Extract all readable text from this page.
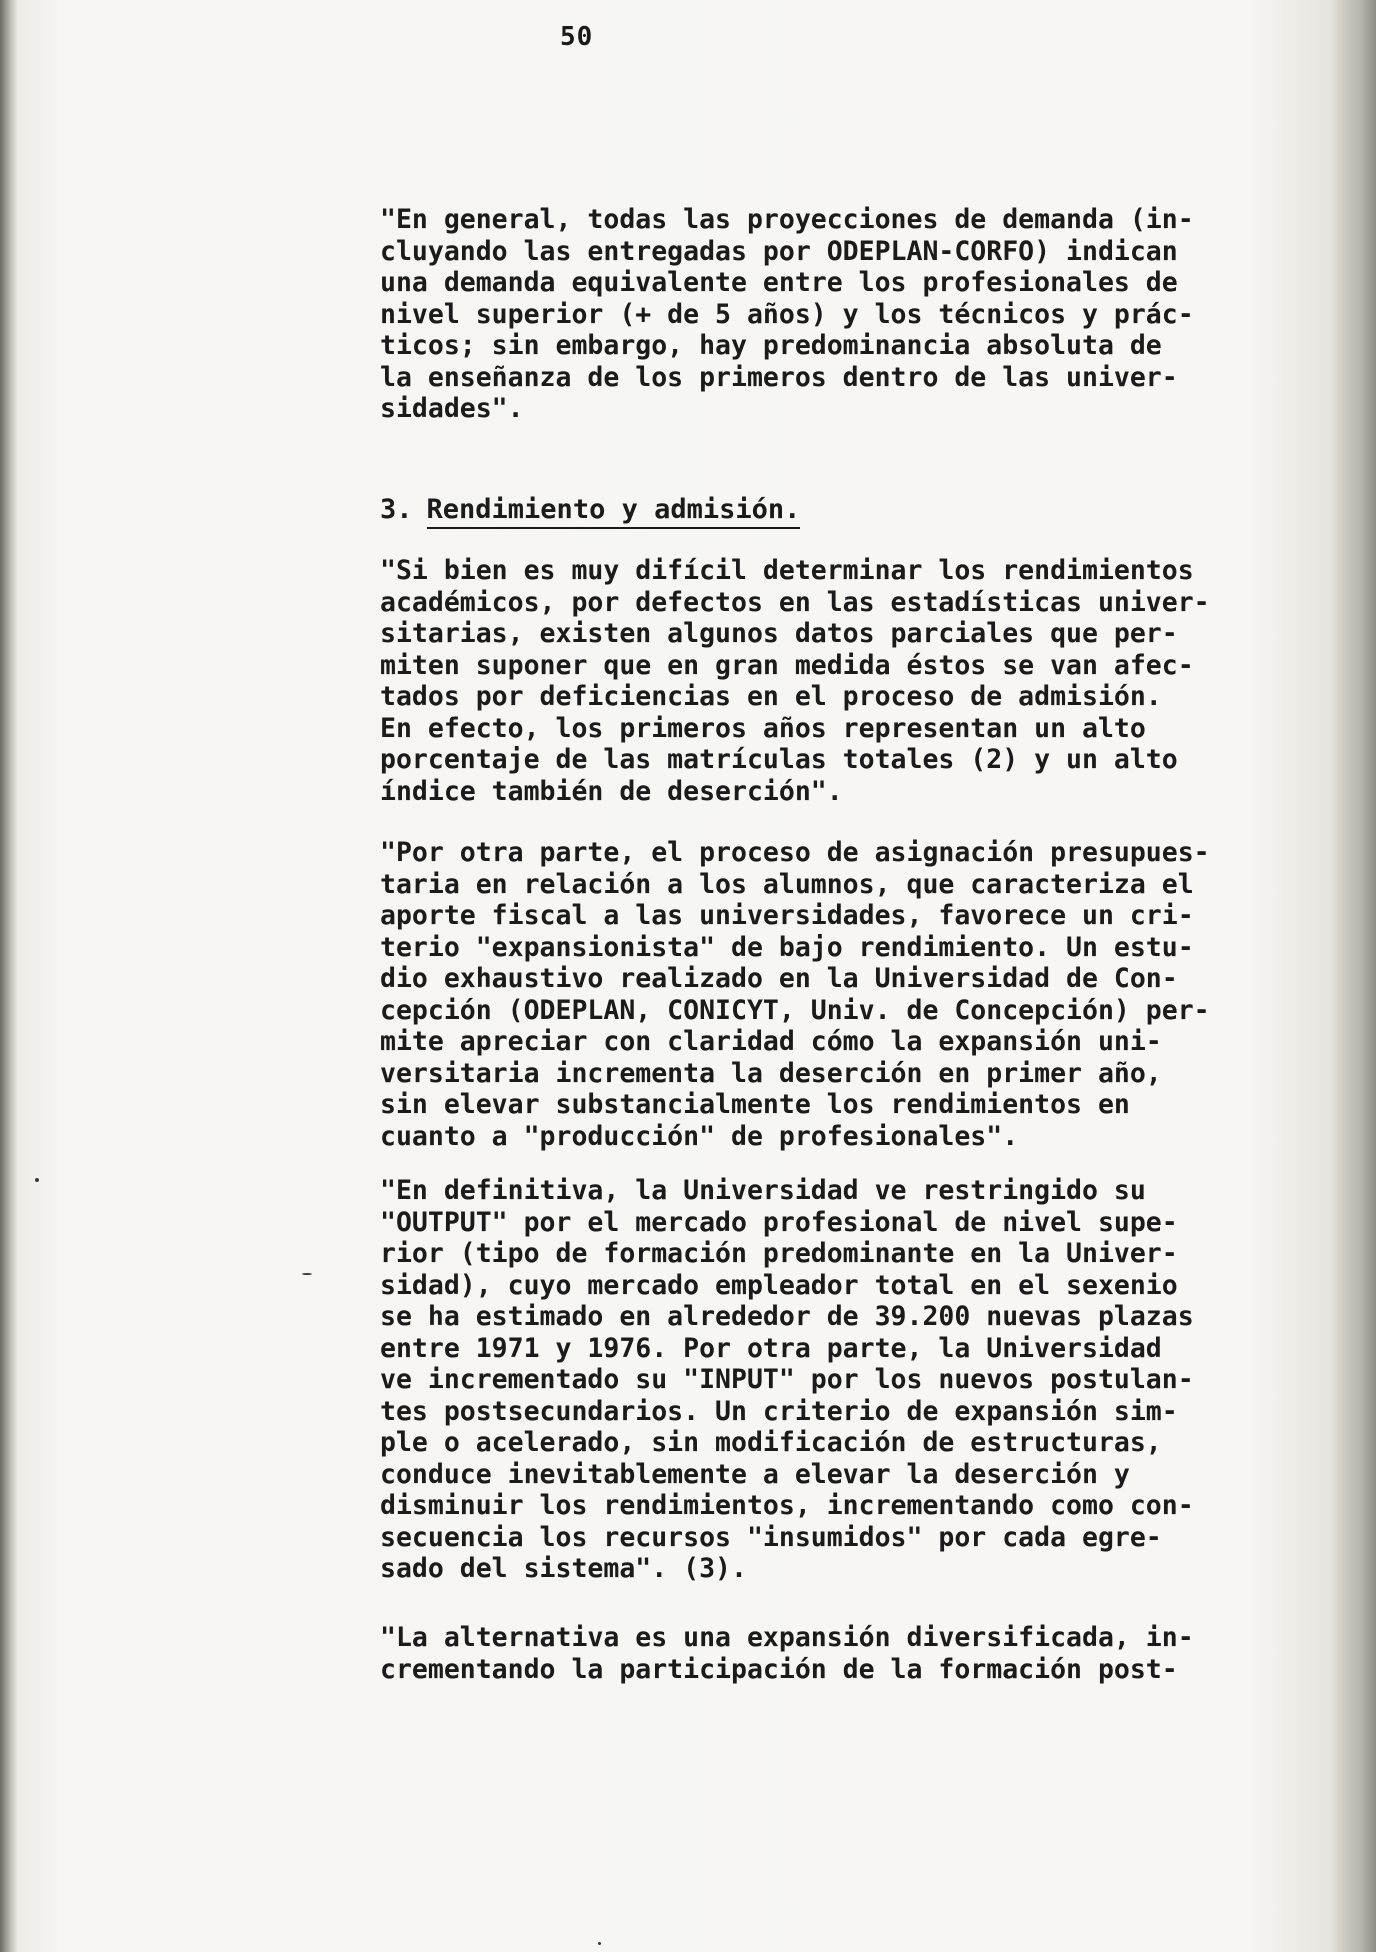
50
"En general, todas las proyecciones de demanda (in-
cluyando las entregadas por ODEPLAN-CORFO) indican
una demanda equivalente entre los profesionales de
nivel superior (+ de 5 años) y los técnicos y prác-
ticos; sin embargo, hay predominancia absoluta de
la enseñanza de los primeros dentro de las univer-
sidades".
3. Rendimiento y admisión.
"Si bien es muy difícil determinar los rendimientos
académicos, por defectos en las estadísticas univer-
sitarias, existen algunos datos parciales que per-
miten suponer que en gran medida éstos se van afec-
tados por deficiencias en el proceso de admisión.
En efecto, los primeros años representan un alto
porcentaje de las matrículas totales (2) y un alto
índice también de deserción".
"Por otra parte, el proceso de asignación presupues-
taria en relación a los alumnos, que caracteriza el
aporte fiscal a las universidades, favorece un cri-
terio "expansionista" de bajo rendimiento. Un estu-
dio exhaustivo realizado en la Universidad de Con-
cepción (ODEPLAN, CONICYT, Univ. de Concepción) per-
mite apreciar con claridad cómo la expansión uni-
versitaria incrementa la deserción en primer año,
sin elevar substancialmente los rendimientos en
cuanto a "producción" de profesionales".
"En definitiva, la Universidad ve restringido su
"OUTPUT" por el mercado profesional de nivel supe-
rior (tipo de formación predominante en la Univer-
sidad), cuyo mercado empleador total en el sexenio
se ha estimado en alrededor de 39.200 nuevas plazas
entre 1971 y 1976. Por otra parte, la Universidad
ve incrementado su "INPUT" por los nuevos postulan-
tes postsecundarios. Un criterio de expansión sim-
ple o acelerado, sin modificación de estructuras,
conduce inevitablemente a elevar la deserción y
disminuir los rendimientos, incrementando como con-
secuencia los recursos "insumidos" por cada egre-
sado del sistema". (3).
"La alternativa es una expansión diversificada, in-
crementando la participación de la formación post-
